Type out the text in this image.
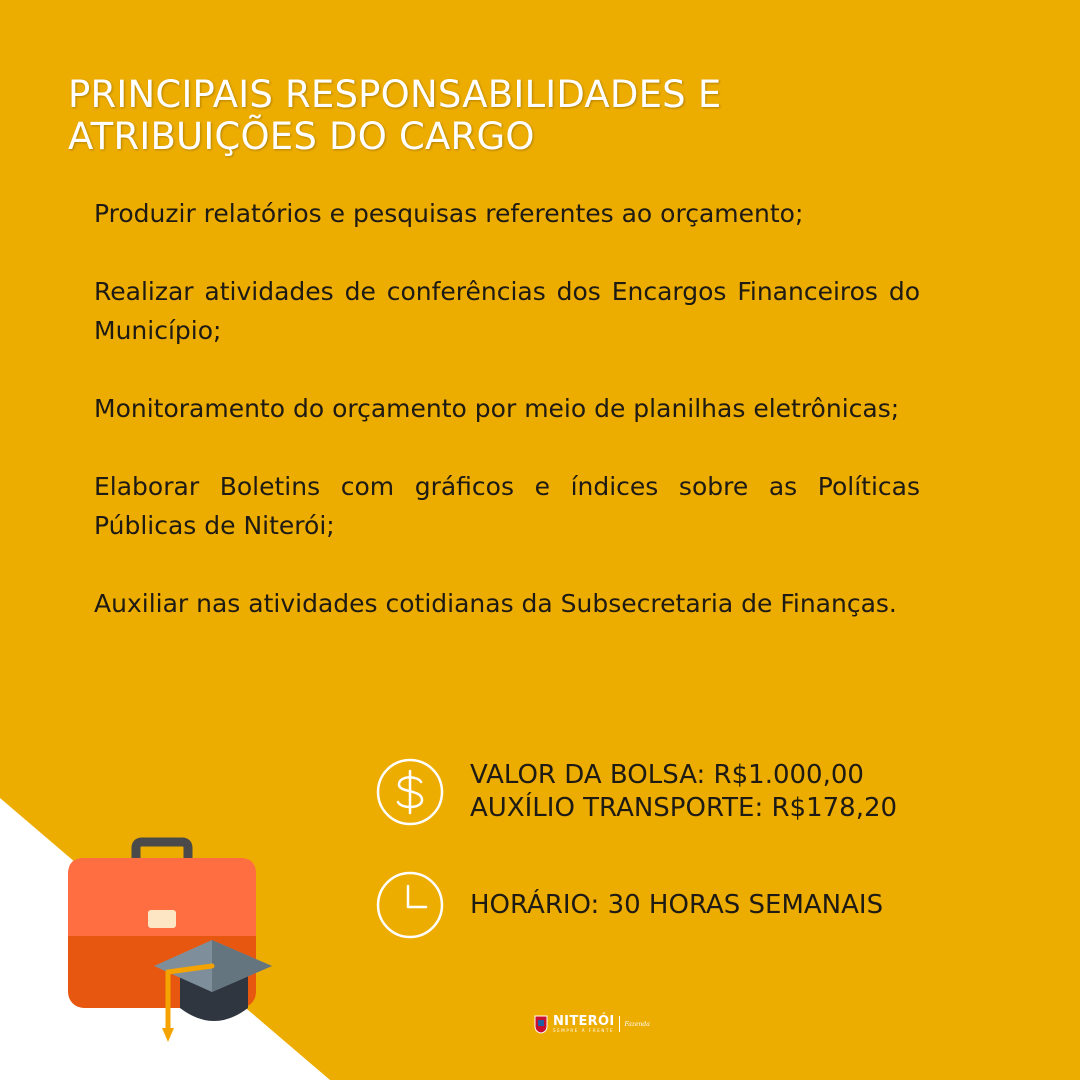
PRINCIPAIS RESPONSABILIDADES E
ATRIBUIÇÕES DO CARGO
Produzir relatórios e pesquisas referentes ao orçamento;
Realizar atividades de conferências dos Encargos Financeiros do Município;
Monitoramento do orçamento por meio de planilhas eletrônicas;
Elaborar Boletins com gráficos e índices sobre as Políticas Públicas de Niterói;
Auxiliar nas atividades cotidianas da Subsecretaria de Finanças.
VALOR DA BOLSA: R$1.000,00
AUXÍLIO TRANSPORTE: R$178,20
HORÁRIO: 30 HORAS SEMANAIS
NITERÓI
SEMPRE À FRENTE
Fazenda
